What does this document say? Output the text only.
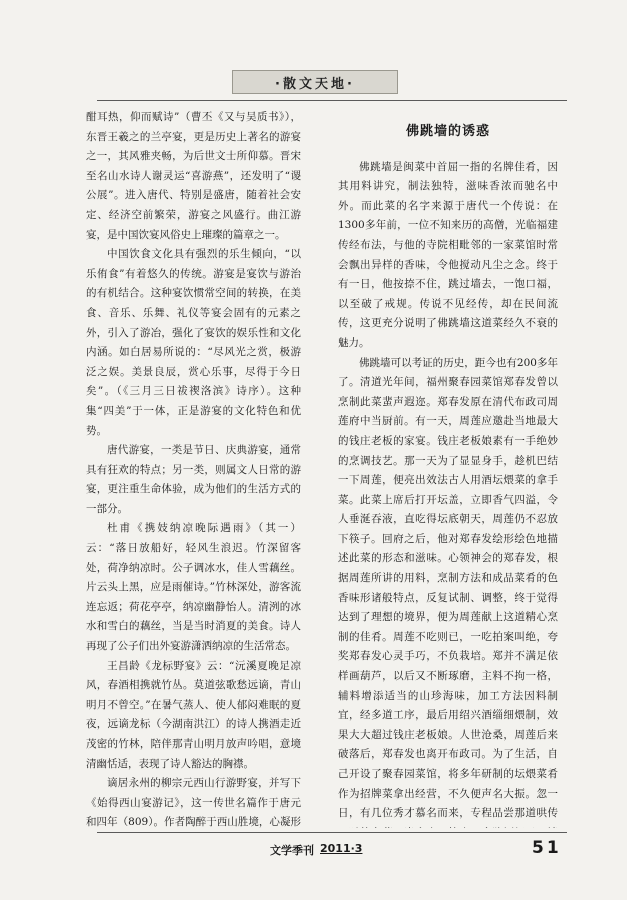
·散文天地·

酣耳热，仰而赋诗”（曹丕《又与吴质书》），东晋王羲之的兰亭宴，更是历史上著名的游宴之一，其风雅夹畅，为后世文士所仰慕。晋宋至名山水诗人谢灵运“喜游燕”，还发明了“谡公展”。进入唐代、特别是盛唐，随着社会安定、经济空前繁荣，游宴之风盛行。曲江游宴，是中国饮宴风俗史上璀璨的篇章之一。

中国饮食文化具有强烈的乐生倾向，“以乐侑食”有着悠久的传统。游宴是宴饮与游治的有机结合。这种宴饮惯常空间的转换，在美食、音乐、乐舞、礼仪等宴会固有的元素之外，引入了游冶，强化了宴饮的娱乐性和文化内涵。如白居易所说的：“尽风光之赏，极游泛之娱。美景良辰，赏心乐事，尽得于今日矣”。（《三月三日祓禊洛滨》诗序）。这种集“四美”于一体，正是游宴的文化特色和优势。

唐代游宴，一类是节日、庆典游宴，通常具有狂欢的特点；另一类，则属文人日常的游宴，更注重生命体验，成为他们的生活方式的一部分。

杜甫《携妓纳凉晚际遇雨》（其一）云：“落日放船好，轻风生浪迟。竹深留客处，荷净纳凉时。公子调冰水，佳人雪藕丝。片云头上黑，应是雨催诗。”竹林深处，游客流连忘返；荷花亭亭，纳凉幽静怡人。清洌的冰水和雪白的藕丝，当是当时消夏的美食。诗人再现了公子们出外宴游潇洒纳凉的生活常态。

王昌龄《龙标野宴》云：“沅溪夏晚足凉风，春酒相携就竹丛。莫道弦歌愁远谪，青山明月不曾空。”在暑气蒸人、使人郁闷难眠的夏夜，远谪龙标（今湖南洪江）的诗人携酒走近茂密的竹林，陪伴那青山明月放声吟唱，意境清幽恬适，表现了诗人豁达的胸襟。

谪居永州的柳宗元西山行游野宴，并写下《始得西山宴游记》，这一传世名篇作于唐元和四年（809）。作者陶醉于西山胜境，心凝形

佛跳墙的诱惑

佛跳墙是闽菜中首屈一指的名牌佳肴，因其用料讲究，制法独特，滋味香浓而驰名中外。而此菜的名字来源于唐代一个传说：在1300多年前，一位不知来历的高僧，光临福建传经布法，与他的寺院相毗邻的一家菜馆时常会飘出异样的香味，令他搅动凡尘之念。终于有一日，他按捺不住，跳过墙去，一饱口福，以至破了戒规。传说不见经传，却在民间流传，这更充分说明了佛跳墙这道菜经久不衰的魅力。

佛跳墙可以考证的历史，距今也有200多年了。清道光年间，福州聚春园菜馆郑春发曾以烹制此菜蜚声遐迩。郑春发原在清代布政司周莲府中当厨前。有一天，周莲应邀赴当地最大的钱庄老板的家宴。钱庄老板娘素有一手绝妙的烹调技艺。那一天为了显显身手，趁机巴结一下周莲，便亮出效法古人用酒坛煨菜的拿手菜。此菜上席后打开坛盖，立即香气四溢，令人垂涎吞液，直吃得坛底朝天，周莲仍不忍放下筷子。回府之后，他对郑春发绘形绘色地描述此菜的形态和滋味。心领神会的郑春发，根据周莲所讲的用料，烹制方法和成品菜肴的色香味形诸般特点，反复试制、调整，终于觉得达到了理想的境界，便为周莲献上这道精心烹制的佳肴。周莲不吃则已，一吃拍案叫绝，夸奖郑春发心灵手巧，不负栽培。郑并不满足依样画葫芦，以后又不断琢磨，主料不拘一格，辅料增添适当的山珍海味，加工方法因料制宜，经多道工序，最后用绍兴酒缁细煨制，效果大大超过钱庄老板娘。人世沧桑，周莲后来破落后，郑春发也离开布政司。为了生活，自己开设了聚春园菜馆，将多年研制的坛煨菜肴作为招牌菜拿出经营，不久便声名大振。忽一日，有几位秀才慕名而来，专程品尝那道哄传

文学季刊 2011·3	51
